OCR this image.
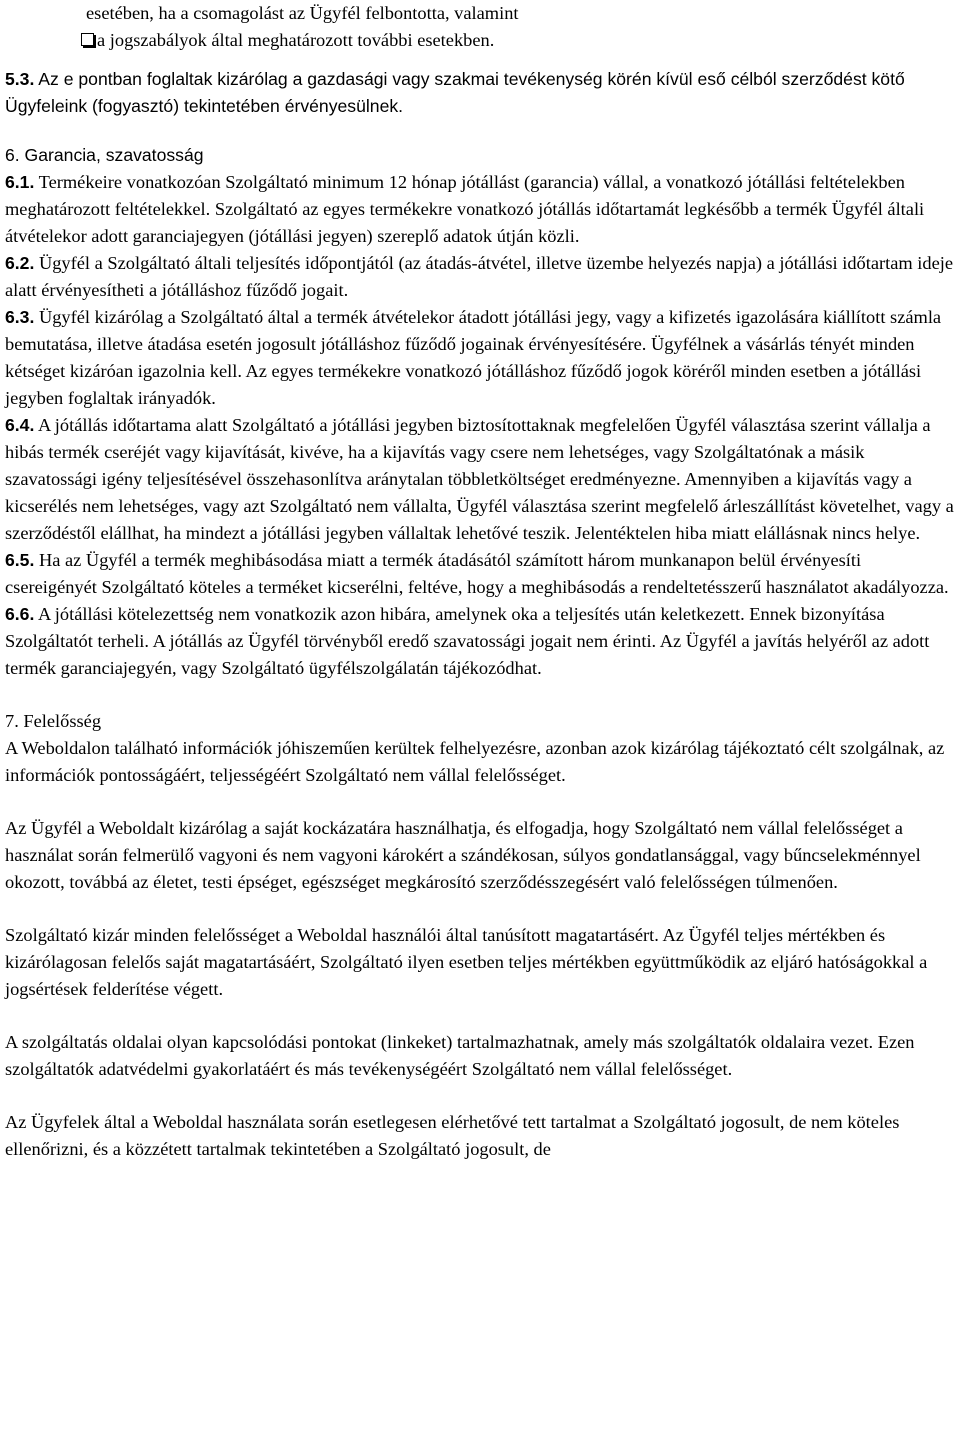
esetében, ha a csomagolást az Ügyfél felbontotta, valamint

a jogszabályok által meghatározott további esetekben.

5.3. Az e pontban foglaltak kizárólag a gazdasági vagy szakmai tevékenység körén kívül eső célból szerződést kötő Ügyfeleink (fogyasztó) tekintetében érvényesülnek.

6. Garancia, szavatosság

6.1. Termékeire vonatkozóan Szolgáltató minimum 12 hónap jótállást (garancia) vállal, a vonatkozó jótállási feltételekben meghatározott feltételekkel. Szolgáltató az egyes termékekre vonatkozó jótállás időtartamát legkésőbb a termék Ügyfél általi átvételekor adott garanciajegyen (jótállási jegyen) szereplő adatok útján közli.

6.2. Ügyfél a Szolgáltató általi teljesítés időpontjától (az átadás-átvétel, illetve üzembe helyezés napja) a jótállási időtartam ideje alatt érvényesítheti a jótálláshoz fűződő jogait.

6.3. Ügyfél kizárólag a Szolgáltató által a termék átvételekor átadott jótállási jegy, vagy a kifizetés igazolására kiállított számla bemutatása, illetve átadása esetén jogosult jótálláshoz fűződő jogainak érvényesítésére. Ügyfélnek a vásárlás tényét minden kétséget kizáróan igazolnia kell. Az egyes termékekre vonatkozó jótálláshoz fűződő jogok köréről minden esetben a jótállási jegyben foglaltak irányadók.

6.4. A jótállás időtartama alatt Szolgáltató a jótállási jegyben biztosítottaknak megfelelően Ügyfél választása szerint vállalja a hibás termék cseréjét vagy kijavítását, kivéve, ha a kijavítás vagy csere nem lehetséges, vagy Szolgáltatónak a másik szavatossági igény teljesítésével összehasonlítva aránytalan többletköltséget eredményezne. Amennyiben a kijavítás vagy a kicserélés nem lehetséges, vagy azt Szolgáltató nem vállalta, Ügyfél választása szerint megfelelő árleszállítást követelhet, vagy a szerződéstől elállhat, ha mindezt a jótállási jegyben vállaltak lehetővé teszik. Jelentéktelen hiba miatt elállásnak nincs helye.

6.5. Ha az Ügyfél a termék meghibásodása miatt a termék átadásától számított három munkanapon belül érvényesíti csereigényét Szolgáltató köteles a terméket kicserélni, feltéve, hogy a meghibásodás a rendeltetésszerű használatot akadályozza.

6.6. A jótállási kötelezettség nem vonatkozik azon hibára, amelynek oka a teljesítés után keletkezett. Ennek bizonyítása Szolgáltatót terheli. A jótállás az Ügyfél törvényből eredő szavatossági jogait nem érinti. Az Ügyfél a javítás helyéről az adott termék garanciajegyén, vagy Szolgáltató ügyfélszolgálatán tájékozódhat.

7. Felelősség

A Weboldalon található információk jóhiszeműen kerültek felhelyezésre, azonban azok kizárólag tájékoztató célt szolgálnak, az információk pontosságáért, teljességéért Szolgáltató nem vállal felelősséget.

Az Ügyfél a Weboldalt kizárólag a saját kockázatára használhatja, és elfogadja, hogy Szolgáltató nem vállal felelősséget a használat során felmerülő vagyoni és nem vagyoni károkért a szándékosan, súlyos gondatlansággal, vagy bűncselekménnyel okozott, továbbá az életet, testi épséget, egészséget megkárosító szerződésszegésért való felelősségen túlmenően.

Szolgáltató kizár minden felelősséget a Weboldal használói által tanúsított magatartásért. Az Ügyfél teljes mértékben és kizárólagosan felelős saját magatartásáért, Szolgáltató ilyen esetben teljes mértékben együttműködik az eljáró hatóságokkal a jogsértések felderítése végett.

A szolgáltatás oldalai olyan kapcsolódási pontokat (linkeket) tartalmazhatnak, amely más szolgáltatók oldalaira vezet. Ezen szolgáltatók adatvédelmi gyakorlatáért és más tevékenységéért Szolgáltató nem vállal felelősséget.

Az Ügyfelek által a Weboldal használata során esetlegesen elérhetővé tett tartalmat a Szolgáltató jogosult, de nem köteles ellenőrizni, és a közzétett tartalmak tekintetében a Szolgáltató jogosult, de
